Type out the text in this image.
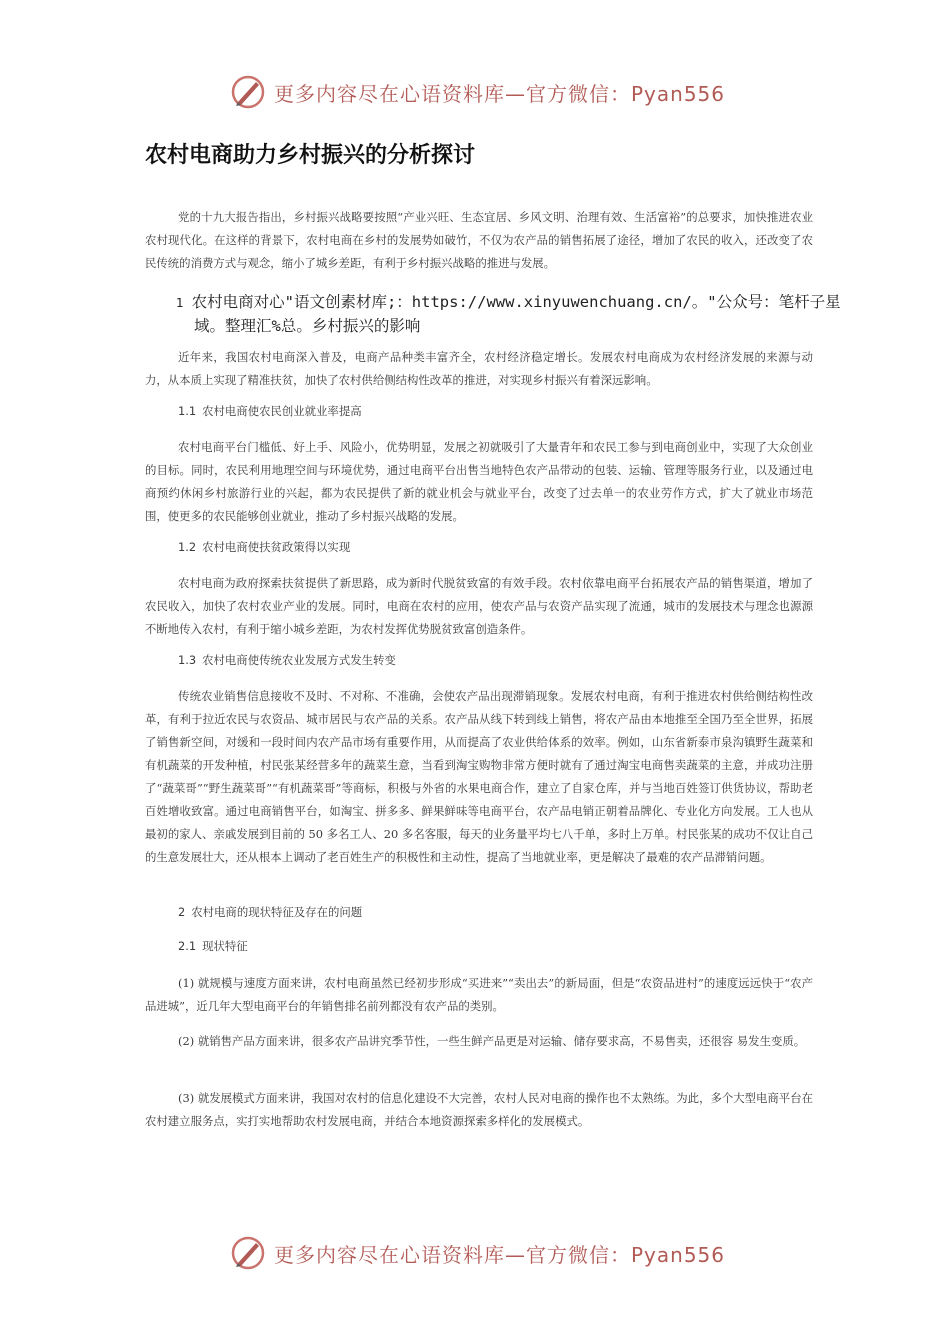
更多内容尽在心语资料库—官方微信：Pyan556
农村电商助力乡村振兴的分析探讨

党的十九大报告指出，乡村振兴战略要按照“产业兴旺、生态宜居、乡风文明、治理有效、生活富裕”的总要求，加快推进农业农村现代化。在这样的背景下，农村电商在乡村的发展势如破竹，不仅为农产品的销售拓展了途径，增加了农民的收入，还改变了农民传统的消费方式与观念，缩小了城乡差距，有利于乡村振兴战略的推进与发展。

1 农村电商对心"语文创素材库;：https://www.xinyuwenchuang.cn/。"公众号：笔杆子星域。整理汇%总。乡村振兴的影响

近年来，我国农村电商深入普及，电商产品种类丰富齐全，农村经济稳定增长。发展农村电商成为农村经济发展的来源与动力，从本质上实现了精准扶贫，加快了农村供给侧结构性改革的推进，对实现乡村振兴有着深远影响。

1.1 农村电商使农民创业就业率提高

农村电商平台门槛低、好上手、风险小，优势明显，发展之初就吸引了大量青年和农民工参与到电商创业中，实现了大众创业的目标。同时，农民利用地理空间与环境优势，通过电商平台出售当地特色农产品带动的包装、运输、管理等服务行业，以及通过电商预约休闲乡村旅游行业的兴起，都为农民提供了新的就业机会与就业平台，改变了过去单一的农业劳作方式，扩大了就业市场范围，使更多的农民能够创业就业，推动了乡村振兴战略的发展。

1.2 农村电商使扶贫政策得以实现

农村电商为政府探索扶贫提供了新思路，成为新时代脱贫致富的有效手段。农村依靠电商平台拓展农产品的销售渠道，增加了农民收入，加快了农村农业产业的发展。同时，电商在农村的应用，使农产品与农资产品实现了流通，城市的发展技术与理念也源源不断地传入农村，有利于缩小城乡差距，为农村发挥优势脱贫致富创造条件。

1.3 农村电商使传统农业发展方式发生转变

传统农业销售信息接收不及时、不对称、不准确，会使农产品出现滞销现象。发展农村电商，有利于推进农村供给侧结构性改革，有利于拉近农民与农资品、城市居民与农产品的关系。农产品从线下转到线上销售，将农产品由本地推至全国乃至全世界，拓展了销售新空间，对缓和一段时间内农产品市场有重要作用，从而提高了农业供给体系的效率。例如，山东省新泰市泉沟镇野生蔬菜和有机蔬菜的开发种植，村民张某经营多年的蔬菜生意，当看到淘宝购物非常方便时就有了通过淘宝电商售卖蔬菜的主意，并成功注册了“蔬菜哥”“野生蔬菜哥”“有机蔬菜哥”等商标，积极与外省的水果电商合作，建立了自家仓库，并与当地百姓签订供货协议，帮助老百姓增收致富。通过电商销售平台，如淘宝、拼多多、鲜果鲜味等电商平台，农产品电销正朝着品牌化、专业化方向发展。工人也从最初的家人、亲戚发展到目前的 50 多名工人、20 多名客服，每天的业务量平均七八千单，多时上万单。村民张某的成功不仅让自己的生意发展壮大，还从根本上调动了老百姓生产的积极性和主动性，提高了当地就业率，更是解决了最难的农产品滞销问题。

2 农村电商的现状特征及存在的问题

2.1 现状特征

(1) 就规模与速度方面来讲，农村电商虽然已经初步形成“买进来”“卖出去”的新局面，但是“农资品进村”的速度远远快于“农产品进城”，近几年大型电商平台的年销售排名前列都没有农产品的类别。

(2) 就销售产品方面来讲，很多农产品讲究季节性，一些生鲜产品更是对运输、储存要求高，不易售卖，还很容 易发生变质。

(3) 就发展模式方面来讲，我国对农村的信息化建设不大完善，农村人民对电商的操作也不太熟练。为此，多个大型电商平台在农村建立服务点，实打实地帮助农村发展电商，并结合本地资源探索多样化的发展模式。

更多内容尽在心语资料库—官方微信：Pyan556
